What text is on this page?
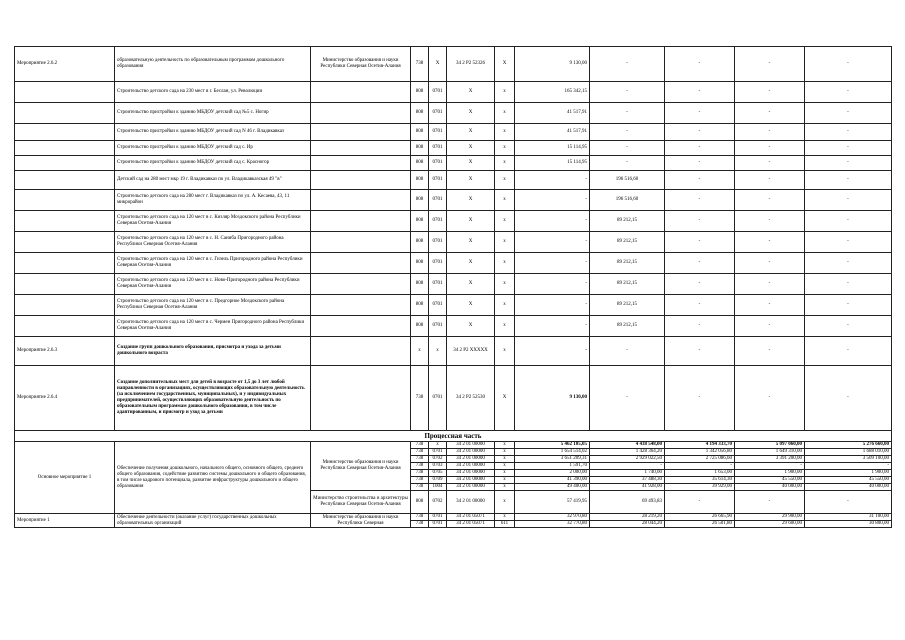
Мероприятие 2.6.2	образовательную деятельность по образовательным программам дошкольного образования	Министерство образования и науки Республики Северная Осетия-Алания	738	Х	34 2 Р2 52326	Х	9 130,00	-	-	-	-
	Строительство детского сада на 230 мест в г. Беслан, ул. Революции		808	0701	Х	х	165 342,15	-	-	-	-
	Строительство пристройки к зданию МБДОУ детский сад №5 с. Ногир		808	0701	Х	х	41 517,91	-	-	-	-
	Строительство пристройки к зданию МБДОУ детский сад N 46 г. Владикавказ		808	0701	Х	х	41 517,91	-	-	-	-
	Строительство пристройки к зданию МБДОУ детский сад с. Ир		808	0701	Х	х	15 114,95	-	-	-	-
	Строительство пристройки к зданию МБДОУ детский сад с. Красногор		808	0701	Х	х	15 114,95	-	-	-	-
	Детский сад на 280 мест мкр 19 г. Владикавказ по ул. Владикавказская 49 "в"		808	0701	Х	х	-	196 516,60	-	-	-
	Строительство детского сада на 280 мест г. Владикавказ по ул. А. Кесаева, 43, 11 микрорайон		808	0701	Х	х	-	196 516,60	-	-	-
	Строительство детского сада на 120 мест в с. Кизляр Моздокского района Республики Северная Осетия-Алания		808	0701	Х	х	-	89 212,15	-	-	-
	Строительство детского сада на 120 мест в с. Н. Саниба Пригородного района Республики Северная Осетия-Алания		808	0701	Х	х	-	89 212,15	-	-	-
	Строительство детского сада на 120 мест в с. Гизель Пригородного района Республики Северная Осетия-Алания		808	0701	Х	х	-	89 212,15	-	-	-
	Строительство детского сада на 120 мест в с. Ново-Пригородного района Республики Северная Осетия-Алания		808	0701	Х	х	-	89 212,15	-	-	-
	Строительство детского сада на 120 мест в с. Предгорное Моздокского района Республики Северная Осетия-Алания		808	0701	Х	х	-	89 212,15	-	-	-
	Строительство детского сада на 120 мест в с. Чермен Пригородного района Республики Северная Осетия-Алания		808	0701	Х	х	-	89 212,15	-	-	-
Мероприятие 2.6.3	Создание групп дошкольного образования, присмотра и ухода за детьми дошкольного возраста		х	х	34 2 Р2 ХХХХХ	х	-	-	-	-	-
Мероприятие 2.6.4	Создание дополнительных мест для детей в возрасте от 1,5 до 3 лет любой направленности в организациях, осуществляющих образовательную деятельность (за исключением государственных, муниципальных), и у индивидуальных предпринимателей, осуществляющих образовательную деятельность по образовательным программам дошкольного образования, в том числе адаптированным, и присмотр и уход за детьми		738	0701	34 2 Р2 52530	Х	9 130,00	-	-	-	-
Процессная часть											
Основное мероприятие 1	Обеспечение получения дошкольного, начального общего, основного общего, среднего общего образования, содействие развитию системы дошкольного и общего образования, в том числе кадрового потенциала, развитие инфраструктуры дошкольного и общего образования	Министерство образования и науки Республики Северная Осетия-Алания	738	х	34 2 01 00000	х	5 462 105,05	4 438 548,00	4 194 333,70	5 097 060,00	5 276 660,00
			738	0701	34 2 01 00000	х	1 654 514,02	1 428 364,20	1 342 056,80	1 649 310,00	1 688 010,00
			738	0702	34 2 01 00000	х	3 651 209,31	2 929 022,50	2 725 086,60	3 391 200,00	3 509 100,00
			738	0703	34 2 01 00000	х	1 591,70	-	-	-	-
			738	0705	34 2 01 00000	х	2 000,00	1 740,00	1 653,00	1 900,00	1 900,00
			738	0709	34 2 01 00000	х	41 390,00	37 488,30	35 614,30	45 550,00	45 550,00
			738	1004	34 2 01 00000	х	49 400,00	41 928,00	39 929,00	40 000,00	40 000,00
		Министерство строительства и архитектуры Республики Северная Осетия-Алания	808	0702	34 2 01 00000	х	57 419,95	69 493,83	-	-	-
Мероприятие 1	Обеспечение деятельности (оказание услуг) государственных дошкольных образовательных организаций	Министерство образования и науки Республики Северная	738	0701	34 2 01 05071	х	32 970,80	28 219,20	26 665,90	29 900,00	31 100,00
			738	0701	34 2 01 05071	611	32 770,80	28 044,20	26 501,80	29 600,00	30 800,00
